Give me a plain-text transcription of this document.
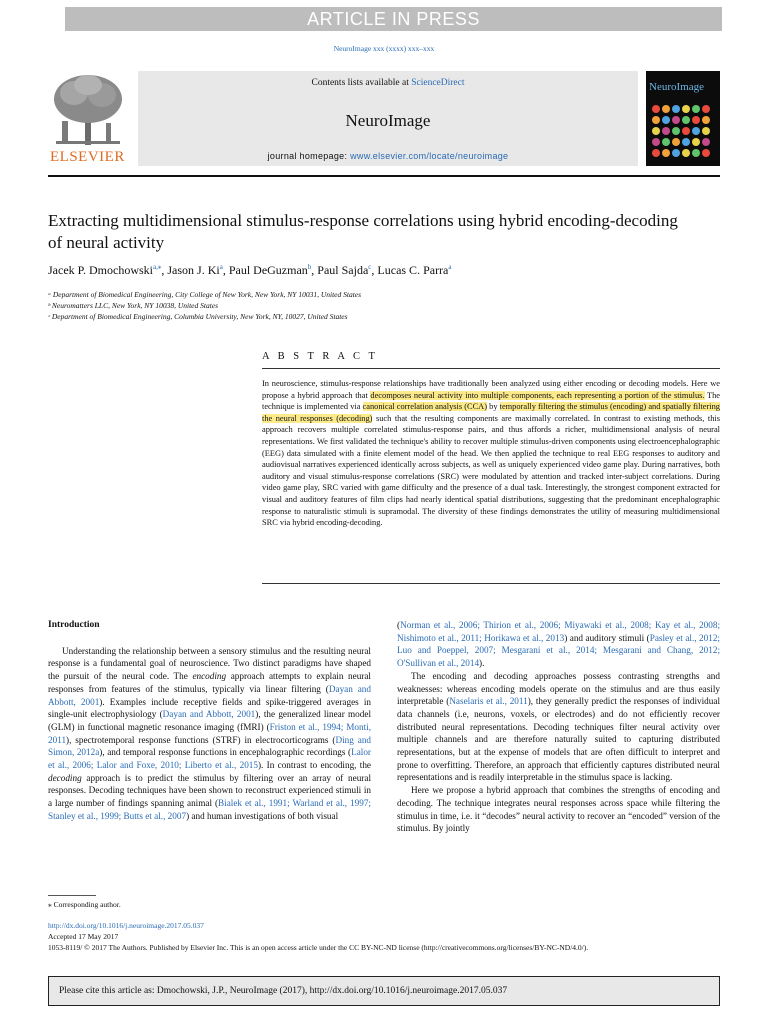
ARTICLE IN PRESS
NeuroImage xxx (xxxx) xxx–xxx
ELSEVIER
Contents lists available at ScienceDirect
NeuroImage
journal homepage: www.elsevier.com/locate/neuroimage
NeuroImage
Extracting multidimensional stimulus-response correlations using hybrid encoding-decoding of neural activity
Jacek P. Dmochowski$^{a,⁎}$, Jason J. Ki$^a$, Paul DeGuzman$^b$, Paul Sajda$^c$, Lucas C. Parra$^a$
ᵃ Department of Biomedical Engineering, City College of New York, New York, NY 10031, United States
ᵇ Neuromatters LLC, New York, NY 10038, United States
ᶜ Department of Biomedical Engineering, Columbia University, New York, NY, 10027, United States
A B S T R A C T
In neuroscience, stimulus-response relationships have traditionally been analyzed using either encoding or decoding models. Here we propose a hybrid approach that decomposes neural activity into multiple components, each representing a portion of the stimulus. The technique is implemented via canonical correlation analysis (CCA) by temporally filtering the stimulus (encoding) and spatially filtering the neural responses (decoding) such that the resulting components are maximally correlated. In contrast to existing methods, this approach recovers multiple correlated stimulus-response pairs, and thus affords a richer, multidimensional analysis of neural representations. We first validated the technique's ability to recover multiple stimulus-driven components using electroencephalographic (EEG) data simulated with a finite element model of the head. We then applied the technique to real EEG responses to auditory and audiovisual narratives experienced identically across subjects, as well as uniquely experienced video game play. During narratives, both auditory and visual stimulus-response correlations (SRC) were modulated by attention and tracked inter-subject correlations. During video game play, SRC varied with game difficulty and the presence of a dual task. Interestingly, the strongest component extracted for visual and auditory features of film clips had nearly identical spatial distributions, suggesting that the predominant encephalographic response to naturalistic stimuli is supramodal. The diversity of these findings demonstrates the utility of measuring multidimensional SRC via hybrid encoding-decoding.
Introduction

Understanding the relationship between a sensory stimulus and the resulting neural response is a fundamental goal of neuroscience. Two distinct paradigms have shaped the pursuit of the neural code. The encoding approach attempts to explain neural responses from features of the stimulus, typically via linear filtering (Dayan and Abbott, 2001). Examples include receptive fields and spike-triggered averages in single-unit electrophysiology (Dayan and Abbott, 2001), the generalized linear model (GLM) in functional magnetic resonance imaging (fMRI) (Friston et al., 1994; Monti, 2011), spectrotemporal response functions (STRF) in electrocorticograms (Ding and Simon, 2012a), and temporal response functions in encephalographic recordings (Lalor et al., 2006; Lalor and Foxe, 2010; Liberto et al., 2015). In contrast to encoding, the decoding approach is to predict the stimulus by filtering over an array of neural responses. Decoding techniques have been shown to reconstruct experienced stimuli in a large number of findings spanning animal (Bialek et al., 1991; Warland et al., 1997; Stanley et al., 1999; Butts et al., 2007) and human investigations of both visual

(Norman et al., 2006; Thirion et al., 2006; Miyawaki et al., 2008; Kay et al., 2008; Nishimoto et al., 2011; Horikawa et al., 2013) and auditory stimuli (Pasley et al., 2012; Luo and Poeppel, 2007; Mesgarani et al., 2014; Mesgarani and Chang, 2012; O'Sullivan et al., 2014).

The encoding and decoding approaches possess contrasting strengths and weaknesses: whereas encoding models operate on the stimulus and are thus easily interpretable (Naselaris et al., 2011), they generally predict the responses of individual data channels (i.e, neurons, voxels, or electrodes) and do not efficiently recover distributed neural representations. Decoding techniques filter neural activity over multiple channels and are therefore naturally suited to capturing distributed representations, but at the expense of models that are often difficult to interpret and prone to overfitting. Therefore, an approach that efficiently captures distributed neural representations and is readily interpretable in the stimulus space is lacking.

Here we propose a hybrid approach that combines the strengths of encoding and decoding. The technique integrates neural responses across space while filtering the stimulus in time, i.e. it “decodes” neural activity to recover an “encoded” version of the stimulus. By jointly

⁎ Corresponding author.
http://dx.doi.org/10.1016/j.neuroimage.2017.05.037
Accepted 17 May 2017
1053-8119/ © 2017 The Authors. Published by Elsevier Inc. This is an open access article under the CC BY-NC-ND license (http://creativecommons.org/licenses/BY-NC-ND/4.0/).
Please cite this article as: Dmochowski, J.P., NeuroImage (2017), http://dx.doi.org/10.1016/j.neuroimage.2017.05.037
